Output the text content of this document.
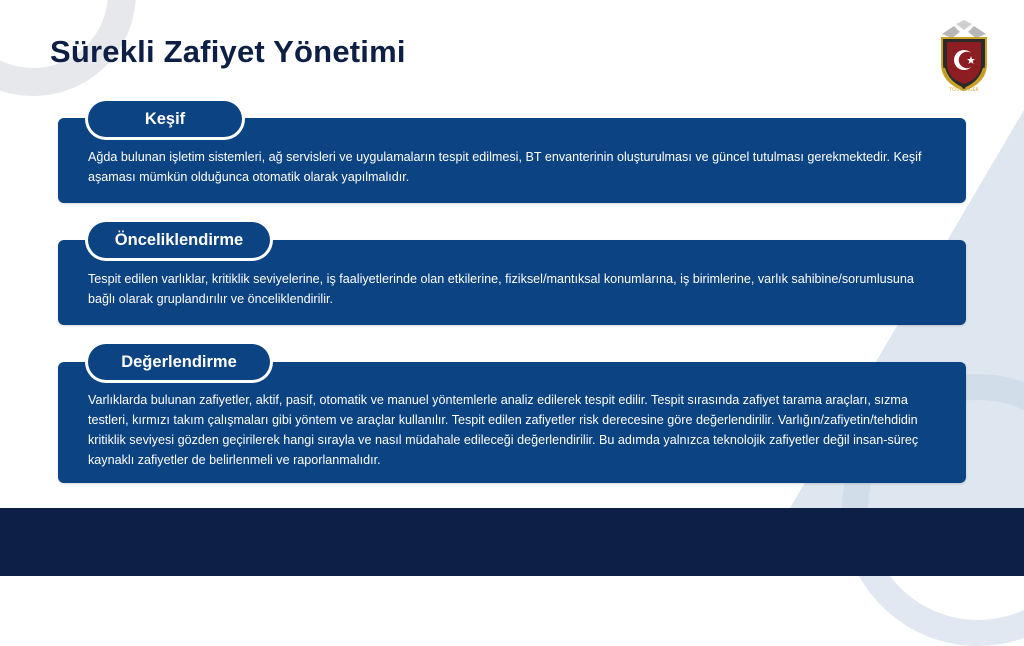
Sürekli Zafiyet Yönetimi
TOTAL TIGER
Ağda bulunan işletim sistemleri, ağ servisleri ve uygulamaların tespit edilmesi, BT envanterinin oluşturulması ve güncel tutulması gerekmektedir. Keşif aşaması mümkün olduğunca otomatik olarak yapılmalıdır.
Keşif
Tespit edilen varlıklar, kritiklik seviyelerine, iş faaliyetlerinde olan etkilerine, fiziksel/mantıksal konumlarına, iş birimlerine, varlık sahibine/sorumlusuna bağlı olarak gruplandırılır ve önceliklendirilir.
Önceliklendirme
Varlıklarda bulunan zafiyetler, aktif, pasif, otomatik ve manuel yöntemlerle analiz edilerek tespit edilir. Tespit sırasında zafiyet tarama araçları, sızma testleri, kırmızı takım çalışmaları gibi yöntem ve araçlar kullanılır. Tespit edilen zafiyetler risk derecesine göre değerlendirilir. Varlığın/zafiyetin/tehdidin kritiklik seviyesi gözden geçirilerek hangi sırayla ve nasıl müdahale edileceği değerlendirilir. Bu adımda yalnızca teknolojik zafiyetler değil insan-süreç kaynaklı zafiyetler de belirlenmeli ve raporlanmalıdır.
Değerlendirme
